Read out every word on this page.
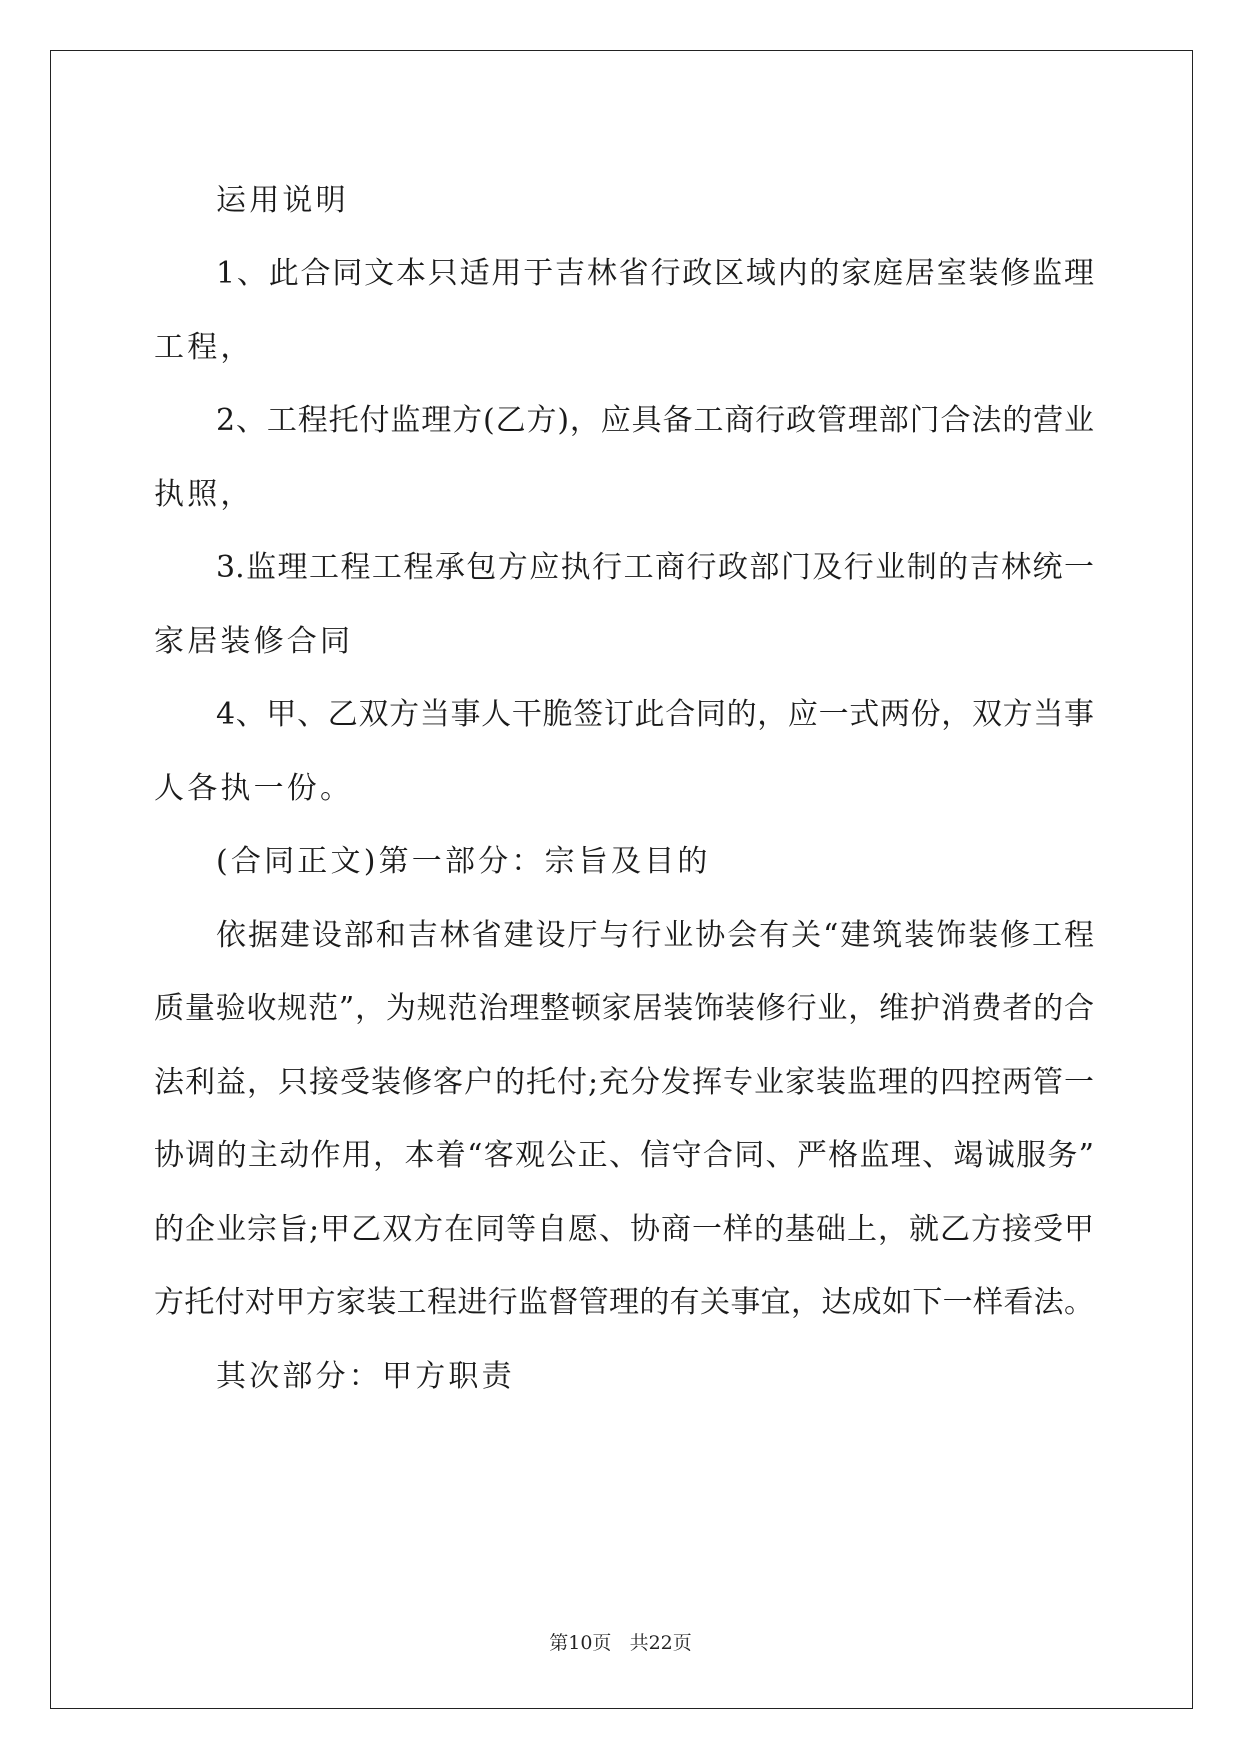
运用说明
1、此合同文本只适用于吉林省行政区域内的家庭居室装修监理
工程，
2、工程托付监理方(乙方)，应具备工商行政管理部门合法的营业
执照，
3.监理工程工程承包方应执行工商行政部门及行业制的吉林统一
家居装修合同
4、甲、乙双方当事人干脆签订此合同的，应一式两份，双方当事
人各执一份。
(合同正文)第一部分：宗旨及目的
依据建设部和吉林省建设厅与行业协会有关“建筑装饰装修工程
质量验收规范”，为规范治理整顿家居装饰装修行业，维护消费者的合
法利益，只接受装修客户的托付;充分发挥专业家装监理的四控两管一
协调的主动作用，本着“客观公正、信守合同、严格监理、竭诚服务”
的企业宗旨;甲乙双方在同等自愿、协商一样的基础上，就乙方接受甲
方托付对甲方家装工程进行监督管理的有关事宜，达成如下一样看法。
其次部分：甲方职责
第10页 共22页
